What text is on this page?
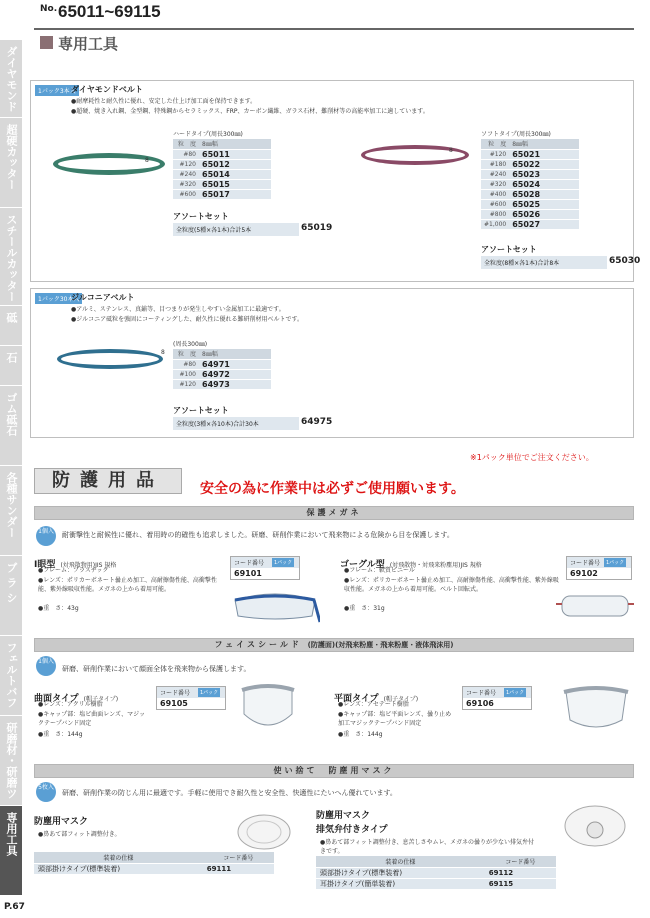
No. 65011~69115
専用工具
ダイヤモンド
超硬カッター
スチールカッター
砥
石
ゴム砥石
各種サンダー
ブ ラ シ
フェルトバフ
研磨材・研磨ツ
専用工具
P.67
1パック3本入
ダイヤモンドベルト
●耐摩耗性と耐久性に優れ、安定した仕上げ加工面を保持できます。
●超硬、焼き入れ鋼、金型鋼、特殊鋼からセラミックス、FRP、カーボン繊維、ガラス石材、難削材等の高能率加工に適しています。
8
ハードタイプ(周長300㎜)
粒　度	8㎜幅
#80	65011
#120	65012
#240	65014
#320	65015
#600	65017
アソートセット
全粒度(5種×各1本)合計5本	65019
8
ソフトタイプ(周長300㎜)
粒　度	8㎜幅
#120	65021
#180	65022
#240	65023
#320	65024
#400	65028
#600	65025
#800	65026
#1,000	65027
アソートセット
全粒度(8種×各1本)合計8本	65030
1パック30本入
ジルコニアベルト
●アルミ、ステンレス、真鍮等、目つまりが発生しやすい金属加工に最適です。
●ジルコニア砥粒を強固にコーティングした、耐久性に優れる難研削材用ベルトです。
8
(周長300㎜)
粒　度	8㎜幅
#80	64971
#100	64972
#120	64973
アソートセット
全粒度(3種×各10本)合計30本	64975
※1パック単位でご注文ください。
防護用品	安全の為に作業中は必ずご使用願います。
保護メガネ
1個入 耐衝撃性と耐候性に優れ、着用時の的確性も追求しました。研磨、研削作業において飛来物による危険から目を保護します。
I眼型 (対飛散物用)JIS 規格
●フレーム：プラスチック
●レンズ：ポリカーボネート曇止め加工、高耐擦傷性能、高衝撃性能、紫外線吸収性能。メガネの上から着用可能。
●重　さ：43g
コード番号
69101
1パック	ゴーグル型 (対飛散物・対飛来粉塵用)JIS 規格
●フレーム：軟質ビニール
●レンズ：ポリカーボネート曇止め加工、高耐擦傷性能、高衝撃性能、紫外線吸収性能。メガネの上から着用可能。ベルト回転式。
●重　さ：31g
コード番号
69102
1パック
フェイスシールド (防護面)(対飛来粉塵・飛来粉塵・液体飛沫用)
1個入
研磨、研削作業において顔面全体を飛来物から保護します。
曲面タイプ (帽子タイプ)
●レンズ：アクリル樹脂
●キャップ部：塩ビ曲面レンズ、マジックテープバンド固定
●重　さ：144g
コード番号
69105
1パック
平面タイプ (帽子タイプ)
●レンズ：アセテート樹脂
●キャップ部：塩ビ平面レンズ、曇り止め加工マジックテープバンド固定
●重　さ：144g
コード番号
69106
1パック
使い捨て　防塵用マスク
5枚入
研磨、研削作業の防じん用に最適です。手軽に使用でき耐久性と安全性、快適性にたいへん優れています。
防塵用マスク
●鼻あて部フィット調整付き。
装着の仕様	コード番号
頭部掛けタイプ(標準装着)	69111
防塵用マスク
排気弁付きタイプ
●鼻あて部フィット調整付き、息苦しさやムレ、メガネの曇りが少ない排気弁付きです。
装着の仕様	コード番号
頭部掛けタイプ(標準装着)	69112
耳掛けタイプ(簡単装着)	69115
